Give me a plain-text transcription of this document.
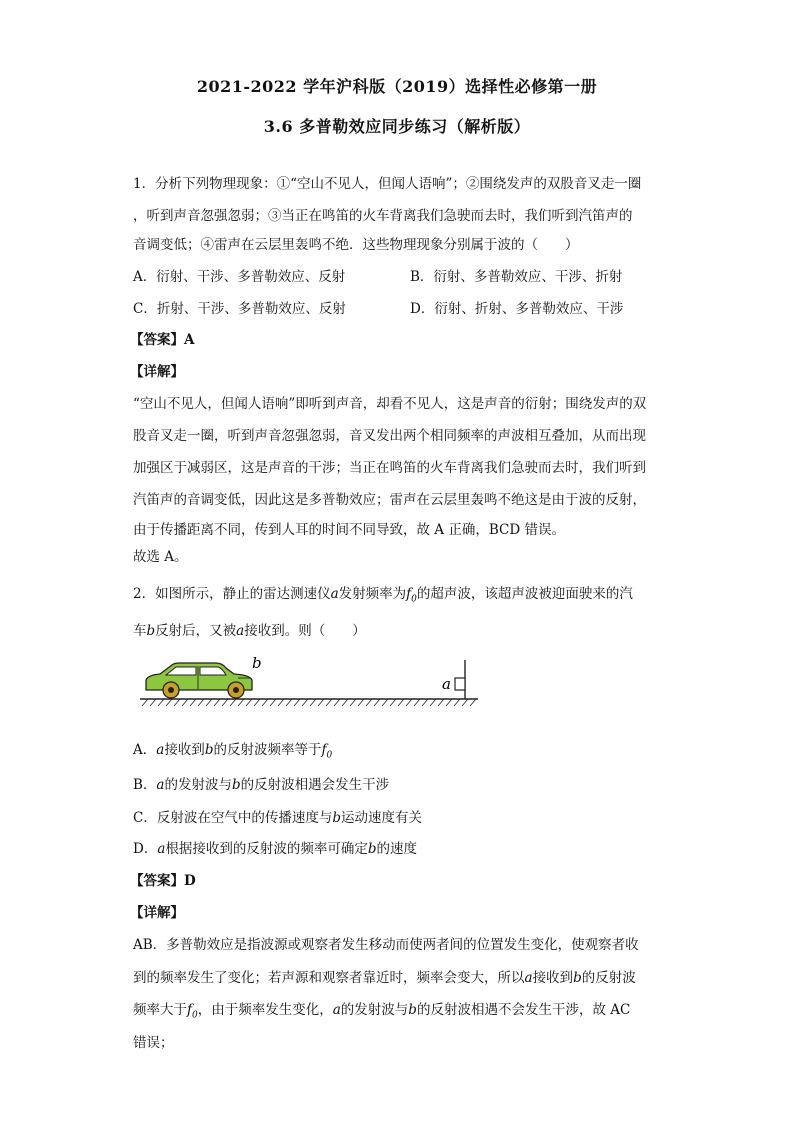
2021-2022 学年沪科版（2019）选择性必修第一册
3.6 多普勒效应同步练习（解析版）
1．分析下列物理现象：①“空山不见人，但闻人语响”；②围绕发声的双股音叉走一圈
，听到声音忽强忽弱；③当正在鸣笛的火车背离我们急驶而去时，我们听到汽笛声的
音调变低；④雷声在云层里轰鸣不绝．这些物理现象分别属于波的（　　）
A．衍射、干涉、多普勒效应、反射	B．衍射、多普勒效应、干涉、折射
C．折射、干涉、多普勒效应、反射	D．衍射、折射、多普勒效应、干涉
【答案】A
【详解】
“空山不见人，但闻人语响”即听到声音，却看不见人，这是声音的衍射；围绕发声的双
股音叉走一圈，听到声音忽强忽弱，音叉发出两个相同频率的声波相互叠加，从而出现
加强区于减弱区，这是声音的干涉；当正在鸣笛的火车背离我们急驶而去时，我们听到
汽笛声的音调变低，因此这是多普勒效应；雷声在云层里轰鸣不绝这是由于波的反射，
由于传播距离不同，传到人耳的时间不同导致，故 A 正确，BCD 错误。
故选 A。
2．如图所示，静止的雷达测速仪a发射频率为$f_0$的超声波，该超声波被迎面驶来的汽
车b反射后，又被a接收到。则（　　）
b
a
A．a接收到b的反射波频率等于$f_0$
B．a的发射波与b的反射波相遇会发生干涉
C．反射波在空气中的传播速度与b运动速度有关
D．a根据接收到的反射波的频率可确定b的速度
【答案】D
【详解】
AB．多普勒效应是指波源或观察者发生移动而使两者间的位置发生变化，使观察者收
到的频率发生了变化；若声源和观察者靠近时，频率会变大，所以a接收到b的反射波
频率大于$f_0$，由于频率发生变化，a的发射波与b的反射波相遇不会发生干涉，故 AC
错误；
